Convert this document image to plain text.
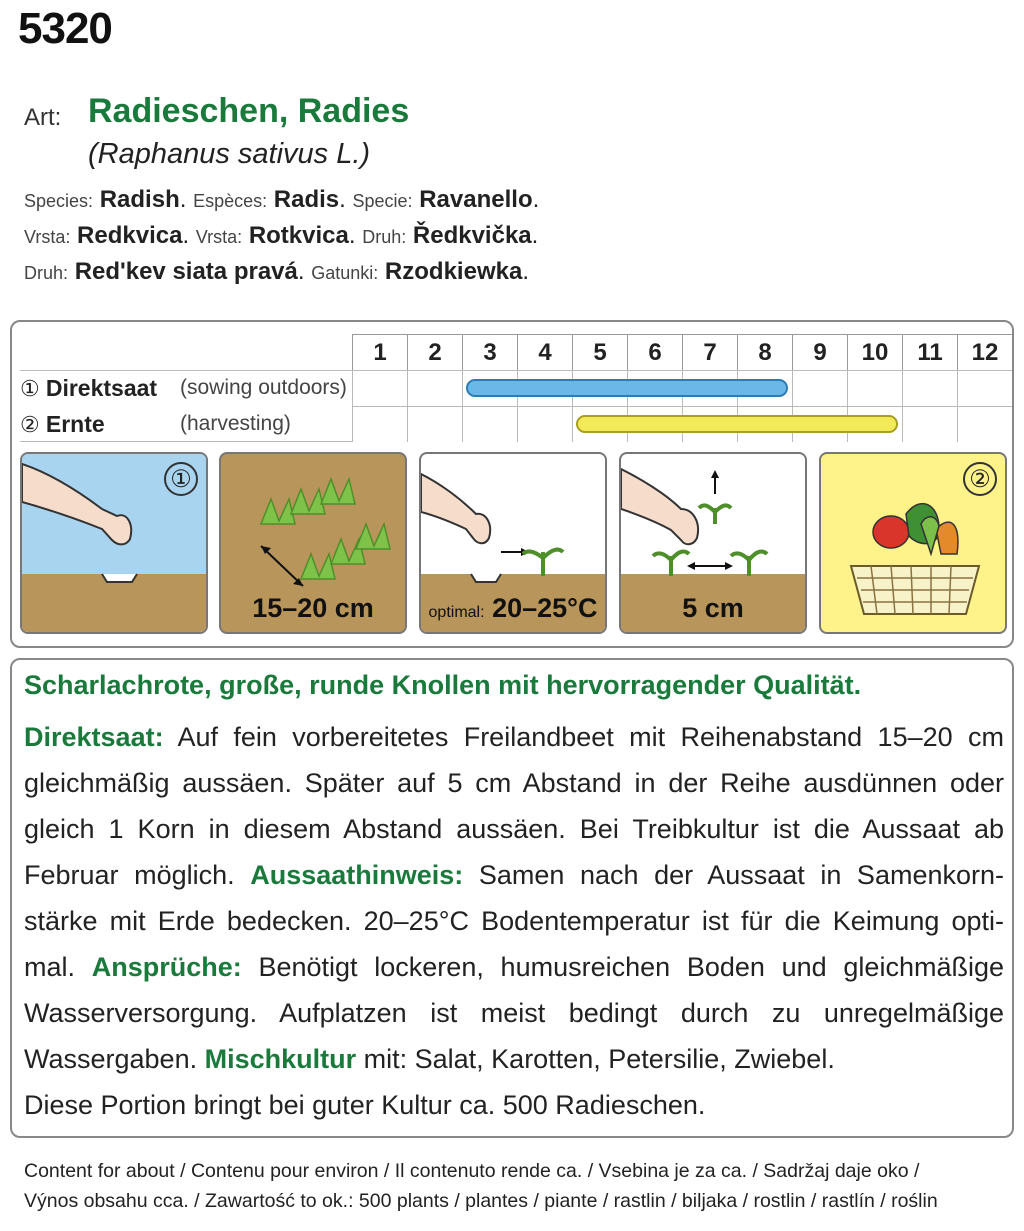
5320
Art: Radieschen, Radies
(Raphanus sativus L.)
Species: Radish. Espèces: Radis. Specie: Ravanello.
Vrsta: Redkvica. Vrsta: Rotkvica. Druh: Ředkvička.
Druh: Red'kev siata pravá. Gatunki: Rzodkiewka.
1	2	3	4	5	6	7	8	9	10	11	12
① Direktsaat (sowing outdoors)
② Ernte	(harvesting)
①
15–20 cm	optimal: 20–25°C	5 cm
②
Scharlachrote, große, runde Knollen mit hervorragender Qualität.
Direktsaat: Auf fein vorbereitetes Freilandbeet mit Reihenabstand 15–20 cm gleichmäßig aussäen. Später auf 5 cm Abstand in der Reihe ausdünnen oder gleich 1 Korn in diesem Abstand aussäen. Bei Treibkultur ist die Aussaat ab Februar möglich. Aussaathinweis: Samen nach der Aussaat in Samenkorn-stärke mit Erde bedecken. 20–25°C Bodentemperatur ist für die Keimung opti-mal. Ansprüche: Benötigt lockeren, humusreichen Boden und gleichmäßige Wasserversorgung. Aufplatzen ist meist bedingt durch zu unregelmäßige Wassergaben. Mischkultur mit: Salat, Karotten, Petersilie, Zwiebel.
Diese Portion bringt bei guter Kultur ca. 500 Radieschen.
Content for about / Contenu pour environ / Il contenuto rende ca. / Vsebina je za ca. / Sadržaj daje oko /
Výnos obsahu cca. / Zawartość to ok.: 500 plants / plantes / piante / rastlin / biljaka / rostlin / rastlín / roślin
